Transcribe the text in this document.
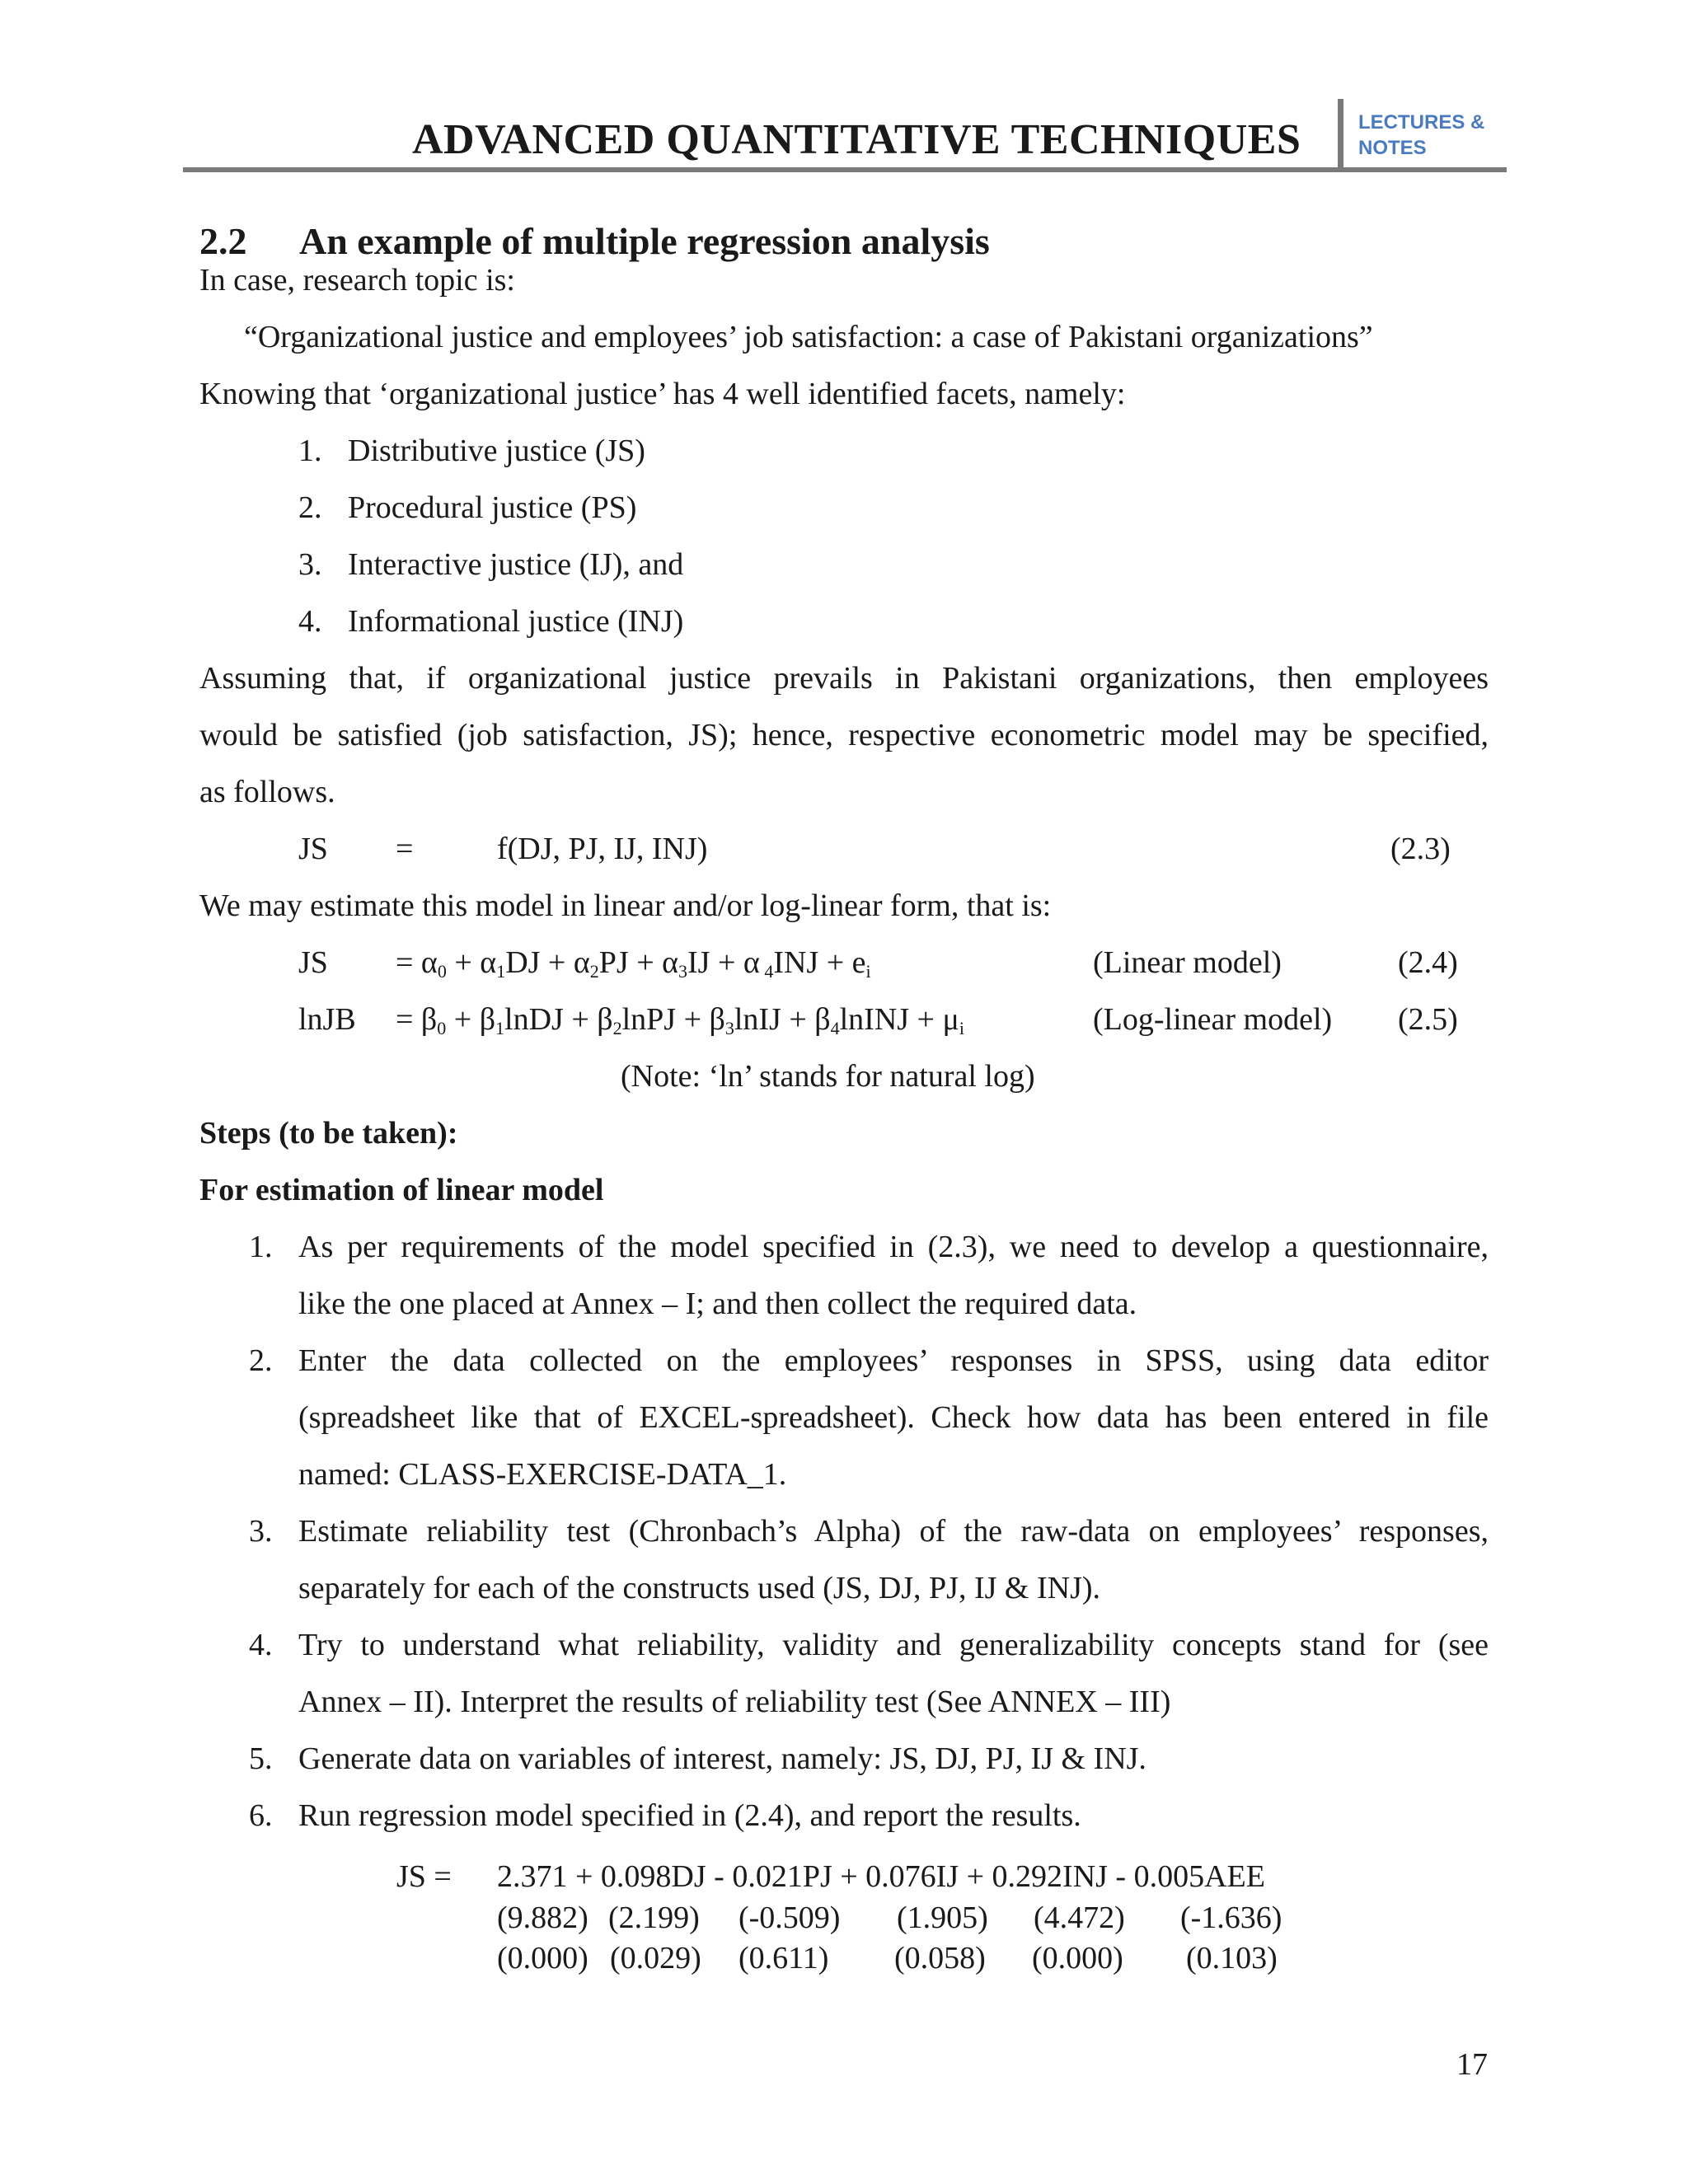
ADVANCED QUANTITATIVE TECHNIQUES	LECTURES &
NOTES
2.2 An example of multiple regression analysis
In case, research topic is:
“Organizational justice and employees’ job satisfaction: a case of Pakistani organizations”
Knowing that ‘organizational justice’ has 4 well identified facets, namely:
1. Distributive justice (JS)
2. Procedural justice (PS)
3. Interactive justice (IJ), and
4. Informational justice (INJ)
Assuming that, if organizational justice prevails in Pakistani organizations, then employees
would be satisfied (job satisfaction, JS); hence, respective econometric model may be specified,
as follows.
JS =	f(DJ, PJ, IJ, INJ)	(2.3)
We may estimate this model in linear and/or log-linear form, that is:
JS = $\alpha_0 + \alpha_1DJ + \alpha_2PJ + \alpha_3IJ + \alpha$ $_4INJ + e_i$	(Linear model)	(2.4)
lnJB = $\beta_0$ + $\beta_1lnDJ$ + $\beta_2lnPJ$ + $\beta_3lnIJ$ + $\beta_4lnINJ + \mu_i$	(Log-linear model) (2.5)
(Note: ‘ln’ stands for natural log)
Steps (to be taken):
For estimation of linear model
1. As per requirements of the model specified in (2.3), we need to develop a questionnaire,
like the one placed at Annex – I; and then collect the required data.
2. Enter the data collected on the employees’ responses in SPSS, using data editor
(spreadsheet like that of EXCEL-spreadsheet). Check how data has been entered in file
named: CLASS-EXERCISE-DATA_1.
3. Estimate reliability test (Chronbach’s Alpha) of the raw-data on employees’ responses,
separately for each of the constructs used (JS, DJ, PJ, IJ & INJ).
4. Try to understand what reliability, validity and generalizability concepts stand for (see
Annex – II). Interpret the results of reliability test (See ANNEX – III)
5. Generate data on variables of interest, namely: JS, DJ, PJ, IJ & INJ.
6. Run regression model specified in (2.4), and report the results.
JS = 2.371 + 0.098DJ - 0.021PJ + 0.076IJ + 0.292INJ - 0.005AEE
(9.882) (2.199) (-0.509) (1.905) (4.472) (-1.636)
(0.000) (0.029) (0.611) (0.058) (0.000) (0.103)
17
